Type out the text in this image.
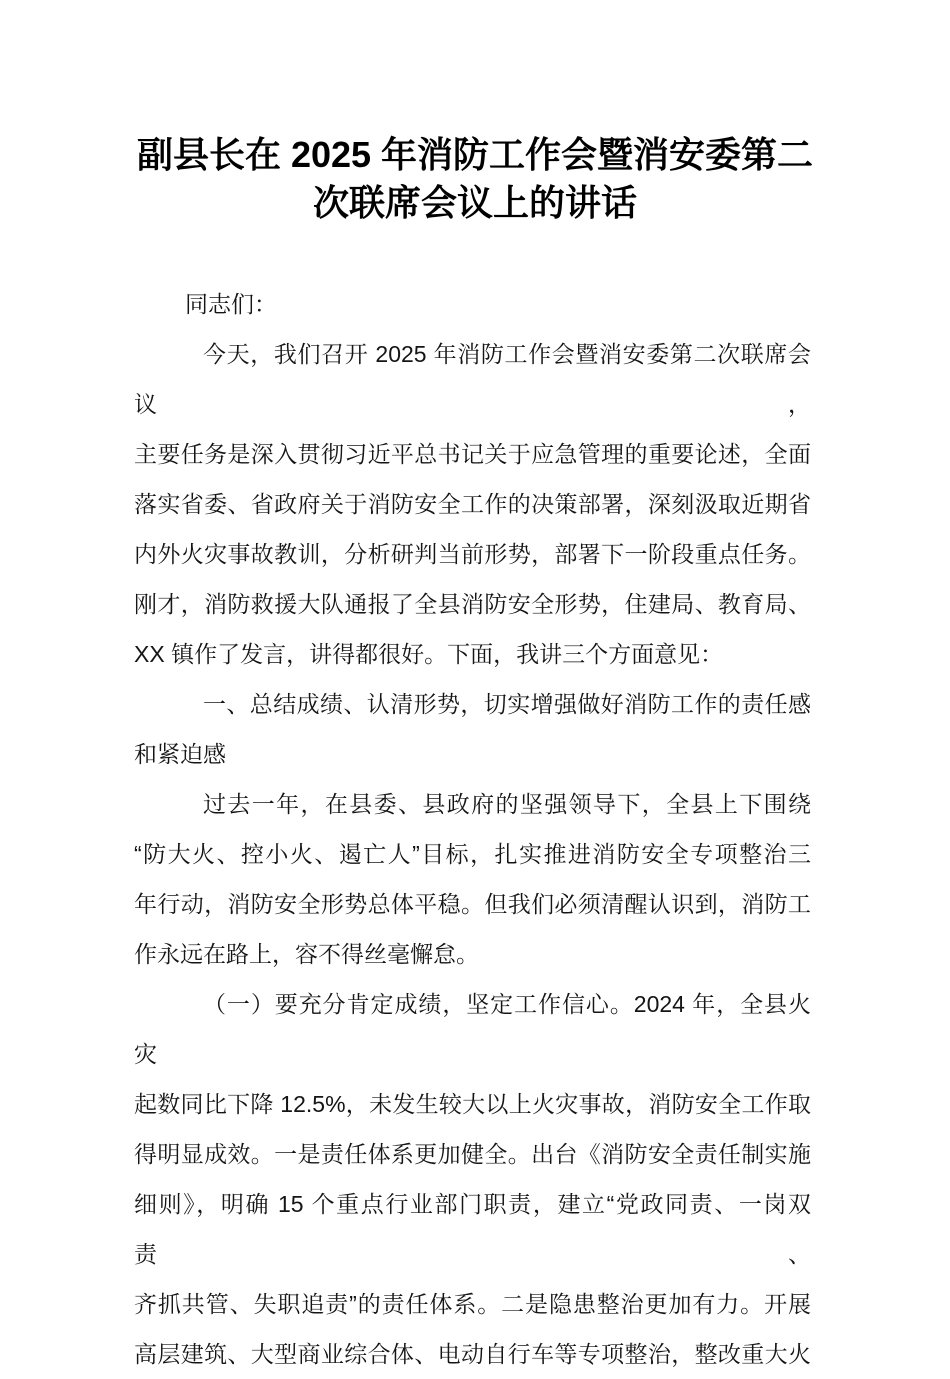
副县长在 2025 年消防工作会暨消安委第二次联席会议上的讲话
同志们：
今天，我们召开 2025 年消防工作会暨消安委第二次联席会议，
主要任务是深入贯彻习近平总书记关于应急管理的重要论述，全面
落实省委、省政府关于消防安全工作的决策部署，深刻汲取近期省
内外火灾事故教训，分析研判当前形势，部署下一阶段重点任务。
刚才，消防救援大队通报了全县消防安全形势，住建局、教育局、
XX 镇作了发言，讲得都很好。下面，我讲三个方面意见：
一、总结成绩、认清形势，切实增强做好消防工作的责任感
和紧迫感
过去一年，在县委、县政府的坚强领导下，全县上下围绕
“防大火、控小火、遏亡人”目标，扎实推进消防安全专项整治三
年行动，消防安全形势总体平稳。但我们必须清醒认识到，消防工
作永远在路上，容不得丝毫懈怠。
（一）要充分肯定成绩，坚定工作信心。2024 年，全县火灾
起数同比下降 12.5%，未发生较大以上火灾事故，消防安全工作取
得明显成效。一是责任体系更加健全。出台《消防安全责任制实施
细则》，明确 15 个重点行业部门职责，建立“党政同责、一岗双责、
齐抓共管、失职追责”的责任体系。二是隐患整治更加有力。开展
高层建筑、大型商业综合体、电动自行车等专项整治，整改重大火
